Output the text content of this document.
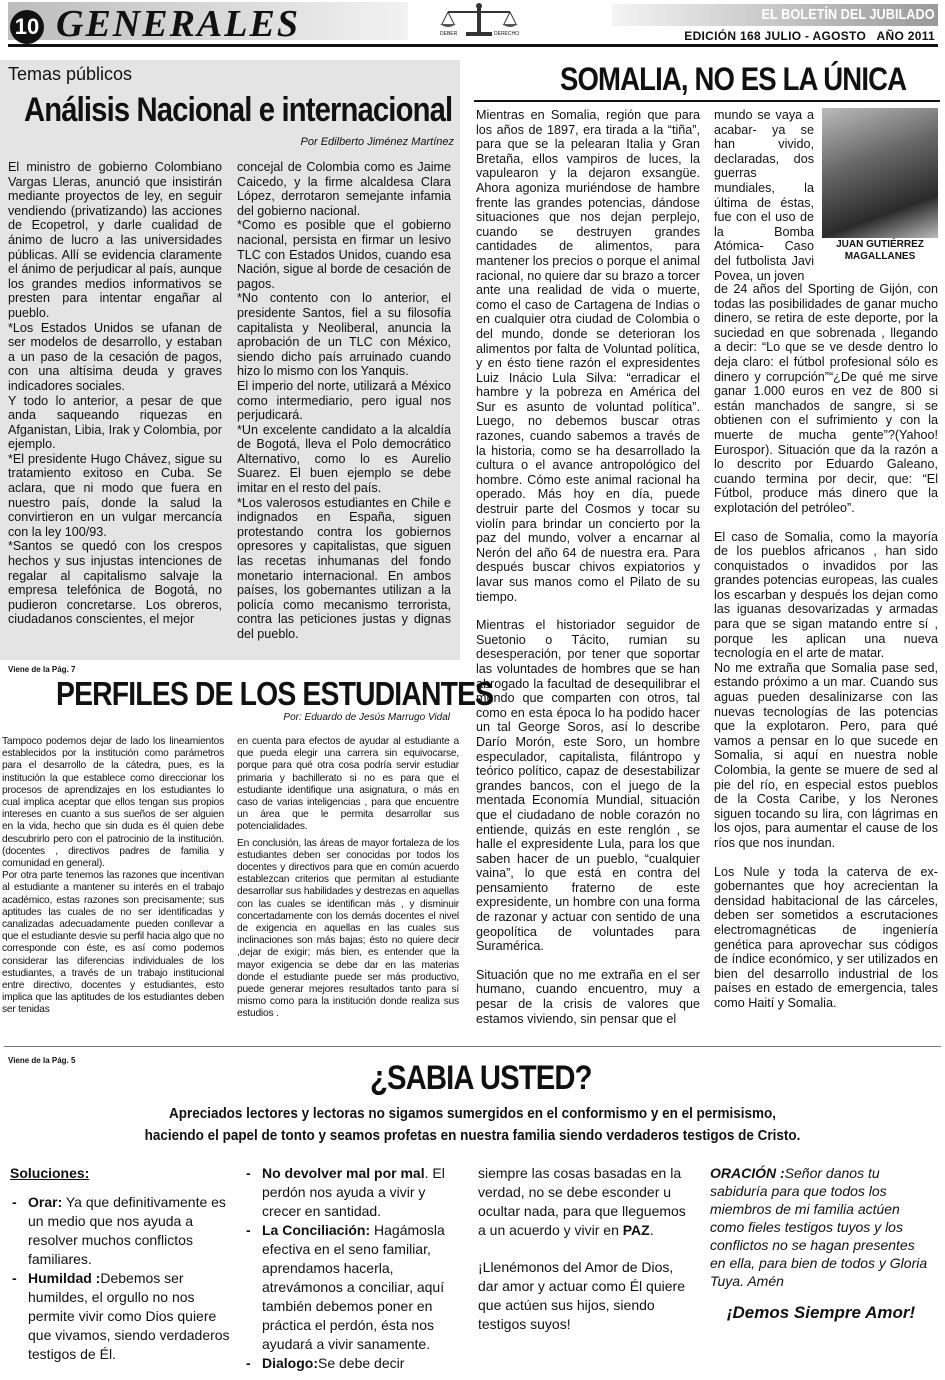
10 GENERALES	DEBER	DERECHO
EL BOLETÍN DEL JUBILADO
EDICIÓN 168 JULIO - AGOSTO   AÑO 2011
Temas públicos
Análisis Nacional e internacional
Por Edilberto Jiménez Martínez

El ministro de gobierno Colombiano Vargas Lleras, anunció que insistirán mediante proyectos de ley, en seguir vendiendo (privatizando) las acciones de Ecopetrol, y darle cualidad de ánimo de lucro a las universidades públicas. Allí se evidencia claramente el ánimo de perjudicar al país, aunque los grandes medios informativos se presten para intentar engañar al pueblo.

*Los Estados Unidos se ufanan de ser modelos de desarrollo, y estaban a un paso de la cesación de pagos, con una altísima deuda y graves indicadores sociales.

Y todo lo anterior, a pesar de que anda saqueando riquezas en Afganistan, Libia, Irak y Colombia, por ejemplo.

*El presidente Hugo Chávez, sigue su tratamiento exitoso en Cuba. Se aclara, que ni modo que fuera en nuestro país, donde la salud la convirtieron en un vulgar mercancía con la ley 100/93.

*Santos se quedó con los crespos hechos y sus injustas intenciones de regalar al capitalismo salvaje la empresa telefónica de Bogotá, no pudieron concretarse. Los obreros, ciudadanos conscientes, el mejor

concejal de Colombia como es Jaime Caicedo, y la firme alcaldesa Clara López, derrotaron semejante infamia del gobierno nacional.

*Como es posible que el gobierno nacional, persista en firmar un lesivo TLC con Estados Unidos, cuando esa Nación, sigue al borde de cesación de pagos.

*No contento con lo anterior, el presidente Santos, fiel a su filosofía capitalista y Neoliberal, anuncia la aprobación de un TLC con México, siendo dicho país arruinado cuando hizo lo mismo con los Yanquis.

El imperio del norte, utilizará a México como intermediario, pero igual nos perjudicará.

*Un excelente candidato a la alcaldía de Bogotá, lleva el Polo democrático Alternativo, como lo es Aurelio Suarez. El buen ejemplo se debe imitar en el resto del país.

*Los valerosos estudiantes en Chile e indignados en España, siguen protestando contra los gobiernos opresores y capitalistas, que siguen las recetas inhumanas del fondo monetario internacional. En ambos países, los gobernantes utilizan a la policía como mecanismo terrorista, contra las peticiones justas y dignas del pueblo.

Viene de la Pág. 7
PERFILES DE LOS ESTUDIANTES
Por: Eduardo de Jesús Marrugo Vidal

Tampoco podemos dejar de lado los lineamientos establecidos por la institución como parámetros para el desarrollo de la cátedra, pues, es la institución la que establece como direccionar los procesos de aprendizajes en los estudiantes lo cual implica aceptar que ellos tengan sus propios intereses en cuanto a sus sueños de ser alguien en la vida, hecho que sin duda es él quien debe descubrirlo pero con el patrocinio de la institución. (docentes , directivos padres de familia y comunidad en general).

Por otra parte tenemos las razones que incentivan al estudiante a mantener su interés en el trabajo académico, estas razones son precisamente; sus aptitudes las cuales de no ser identificadas y canalizadas adecuadamente pueden conllevar a que el estudiante desvie su perfil hacia algo que no corresponde con éste, es así como podemos considerar las diferencias individuales de los estudiantes, a través de un trabajo institucional entre directivo, docentes y estudiantes, esto implica que las aptitudes de los estudiantes deben ser tenidas

en cuenta para efectos de ayudar al estudiante a que pueda elegir una carrera sin equivocarse, porque para qué otra cosa podría servir estudiar primaria y bachillerato si no es para que el estudiante identifique una asignatura, o más en caso de varias inteligencias , para que encuentre un área que le permita desarrollar sus potencialidades.

En conclusión, las áreas de mayor fortaleza de los estudiantes deben ser conocidas por todos los docentes y directivos para que en común acuerdo establezcan criterios que permitan al estudiante desarrollar sus habilidades y destrezas en aquellas con las cuales se identifican más , y disminuir concertadamente con los demás docentes el nivel de exigencia en aquellas en las cuales sus inclinaciones son más bajas; ésto no quiere decir ,dejar de exigir; más bien, es entender que la mayor exigencia se debe dar en las materias donde el estudiante puede ser más productivo, puede generar mejores resultados tanto para sí mismo como para la institución donde realiza sus estudios .

SOMALIA, NO ES LA ÚNICA

Mientras en Somalia, región que para los años de 1897, era tirada a la “tiña”, para que se la pelearan Italia y Gran Bretaña, ellos vampiros de luces, la vapulearon y la dejaron exsangüe. Ahora agoniza muriéndose de hambre frente las grandes potencias, dándose situaciones que nos dejan perplejo, cuando se destruyen grandes cantidades de alimentos, para mantener los precios o porque el animal racional, no quiere dar su brazo a torcer ante una realidad de vida o muerte, como el caso de Cartagena de Indias o en cualquier otra ciudad de Colombia o del mundo, donde se deterioran los alimentos por falta de Voluntad política, y en ésto tiene razón el expresidentes Luiz Inácio Lula Silva: “erradicar el hambre y la pobreza en América del Sur es asunto de voluntad política”. Luego, no debemos buscar otras razones, cuando sabemos a través de la historia, como se ha desarrollado la cultura o el avance antropológico del hombre. Cómo este animal racional ha operado. Más hoy en día, puede destruir parte del Cosmos y tocar su violín para brindar un concierto por la paz del mundo, volver a encarnar al Nerón del año 64 de nuestra era. Para después buscar chivos expiatorios y lavar sus manos como el Pilato de su tiempo.

Mientras el historiador seguidor de Suetonio o Tácito, rumian su desesperación, por tener que soportar las voluntades de hombres que se han abrogado la facultad de desequilibrar el mundo que comparten con otros, tal como en esta época lo ha podido hacer un tal George Soros, así lo describe Darío Morón, este Soro, un hombre especulador, capitalista, filántropo y teórico político, capaz de desestabilizar grandes bancos, con el juego de la mentada Economía Mundial, situación que el ciudadano de noble corazón no entiende, quizás en este renglón , se halle el expresidente Lula, para los que saben hacer de un pueblo, “cualquier vaina”, lo que está en contra del pensamiento fraterno de este expresidente, un hombre con una forma de razonar y actuar con sentido de una geopolítica de voluntades para Suramérica.

Situación que no me extraña en el ser humano, cuando encuentro, muy a pesar de la crisis de valores que estamos viviendo, sin pensar que el

mundo se vaya a acabar- ya se han vivido, declaradas, dos guerras mundiales, la última de éstas, fue con el uso de la Bomba Atómica- Caso del futbolista Javi Povea, un joven
JUAN GUTIÉRREZ
MAGALLANES

de 24 años del Sporting de Gijón, con todas las posibilidades de ganar mucho dinero, se retira de este deporte, por la suciedad en que sobrenada , llegando a decir: “Lo que se ve desde dentro lo deja claro: el fútbol profesional sólo es dinero y corrupción”“¿De qué me sirve ganar 1.000 euros en vez de 800 si están manchados de sangre, si se obtienen con el sufrimiento y con la muerte de mucha gente”?(Yahoo! Eurospor). Situación que da la razón a lo descrito por Eduardo Galeano, cuando termina por decir, que: “El Fútbol, produce más dinero que la explotación del petróleo”.

El caso de Somalia, como la mayoría de los pueblos africanos , han sido conquistados o invadidos por las grandes potencias europeas, las cuales los escarban y después los dejan como las iguanas desovarizadas y armadas para que se sigan matando entre sí , porque les aplican una nueva tecnología en el arte de matar.

No me extraña que Somalia pase sed, estando próximo a un mar. Cuando sus aguas pueden desalinizarse con las nuevas tecnologías de las potencias que la explotaron. Pero, para qué vamos a pensar en lo que sucede en Somalia, si aquí en nuestra noble Colombia, la gente se muere de sed al pie del río, en especial estos pueblos de la Costa Caribe, y los Nerones siguen tocando su lira, con lágrimas en los ojos, para aumentar el cause de los ríos que nos inundan.

Los Nule y toda la caterva de ex-gobernantes que hoy acrecientan la densidad habitacional de las cárceles, deben ser sometidos a escrutaciones electromagnéticas de ingeniería genética para aprovechar sus códigos de índice económico, y ser utilizados en bien del desarrollo industrial de los países en estado de emergencia, tales como Haití y Somalia.

Viene de la Pág. 5	¿SABIA USTED?
Apreciados lectores y lectoras no sigamos sumergidos en el conformismo y en el permisismo,
haciendo el papel de tonto y seamos profetas en nuestra familia siendo verdaderos testigos de Cristo.
Soluciones:
- Orar: Ya que definitivamente es un medio que nos ayuda a resolver muchos conflictos familiares.
- Humildad :Debemos ser humildes, el orgullo no nos permite vivir como Dios quiere que vivamos, siendo verdaderos testigos de Él.
- No devolver mal por mal. El perdón nos ayuda a vivir y crecer en santidad.
- La Conciliación: Hagámosla efectiva en el seno familiar, aprendamos hacerla, atrevámonos a conciliar, aquí también debemos poner en práctica el perdón, ésta nos ayudará a vivir sanamente.
- Dialogo:Se debe decir

siempre las cosas basadas en la verdad, no se debe esconder u ocultar nada, para que lleguemos a un acuerdo y vivir en PAZ.

¡Llenémonos del Amor de Dios, dar amor y actuar como Él quiere que actúen sus hijos, siendo testigos suyos!

ORACIÓN :Señor danos tu sabiduría para que todos los miembros de mi familia actúen como fieles testigos tuyos y los conflictos no se hagan presentes en ella, para bien de todos y Gloria Tuya. Amén

¡Demos Siempre Amor!
